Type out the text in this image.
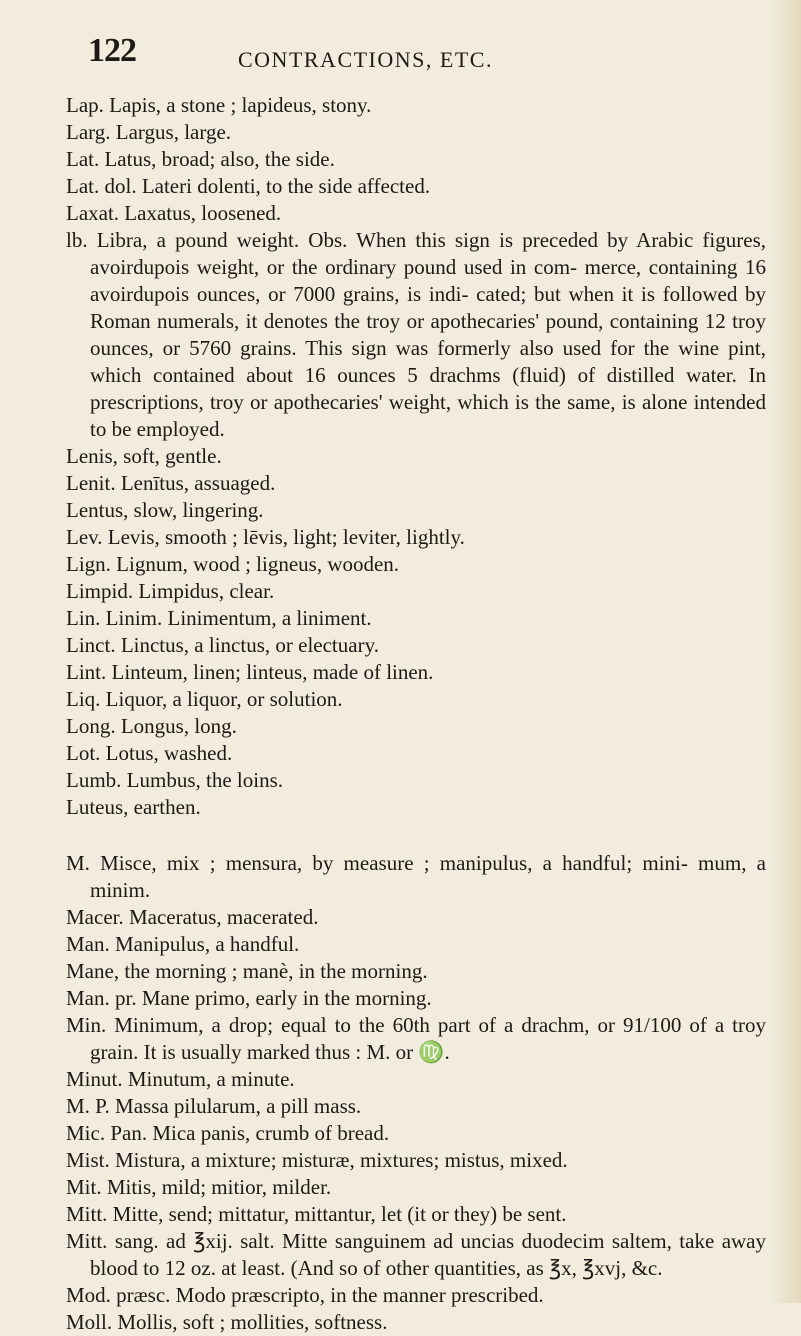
122	CONTRACTIONS, ETC.

Lap. Lapis, a stone ; lapideus, stony.

Larg. Largus, large.

Lat. Latus, broad; also, the side.

Lat. dol. Lateri dolenti, to the side affected.

Laxat. Laxatus, loosened.

lb. Libra, a pound weight. Obs. When this sign is preceded by Arabic figures, avoirdupois weight, or the ordinary pound used in com- merce, containing 16 avoirdupois ounces, or 7000 grains, is indi- cated; but when it is followed by Roman numerals, it denotes the troy or apothecaries' pound, containing 12 troy ounces, or 5760 grains. This sign was formerly also used for the wine pint, which contained about 16 ounces 5 drachms (fluid) of distilled water. In prescriptions, troy or apothecaries' weight, which is the same, is alone intended to be employed.

Lenis, soft, gentle.

Lenit. Lenītus, assuaged.

Lentus, slow, lingering.

Lev. Levis, smooth ; lēvis, light; leviter, lightly.

Lign. Lignum, wood ; ligneus, wooden.

Limpid. Limpidus, clear.

Lin. Linim. Linimentum, a liniment.

Linct. Linctus, a linctus, or electuary.

Lint. Linteum, linen; linteus, made of linen.

Liq. Liquor, a liquor, or solution.

Long. Longus, long.

Lot. Lotus, washed.

Lumb. Lumbus, the loins.

Luteus, earthen.

M. Misce, mix ; mensura, by measure ; manipulus, a handful; mini- mum, a minim.

Macer. Maceratus, macerated.

Man. Manipulus, a handful.

Mane, the morning ; manè, in the morning.

Man. pr. Mane primo, early in the morning.

Min. Minimum, a drop; equal to the 60th part of a drachm, or 91/100 of a troy grain. It is usually marked thus : M. or ♍.

Minut. Minutum, a minute.

M. P. Massa pilularum, a pill mass.

Mic. Pan. Mica panis, crumb of bread.

Mist. Mistura, a mixture; misturæ, mixtures; mistus, mixed.

Mit. Mitis, mild; mitior, milder.

Mitt. Mitte, send; mittatur, mittantur, let (it or they) be sent.

Mitt. sang. ad ℥xij. salt. Mitte sanguinem ad uncias duodecim saltem, take away blood to 12 oz. at least. (And so of other quantities, as ℥x, ℥xvj, &c.

Mod. præsc. Modo præscripto, in the manner prescribed.

Moll. Mollis, soft ; mollities, softness.
